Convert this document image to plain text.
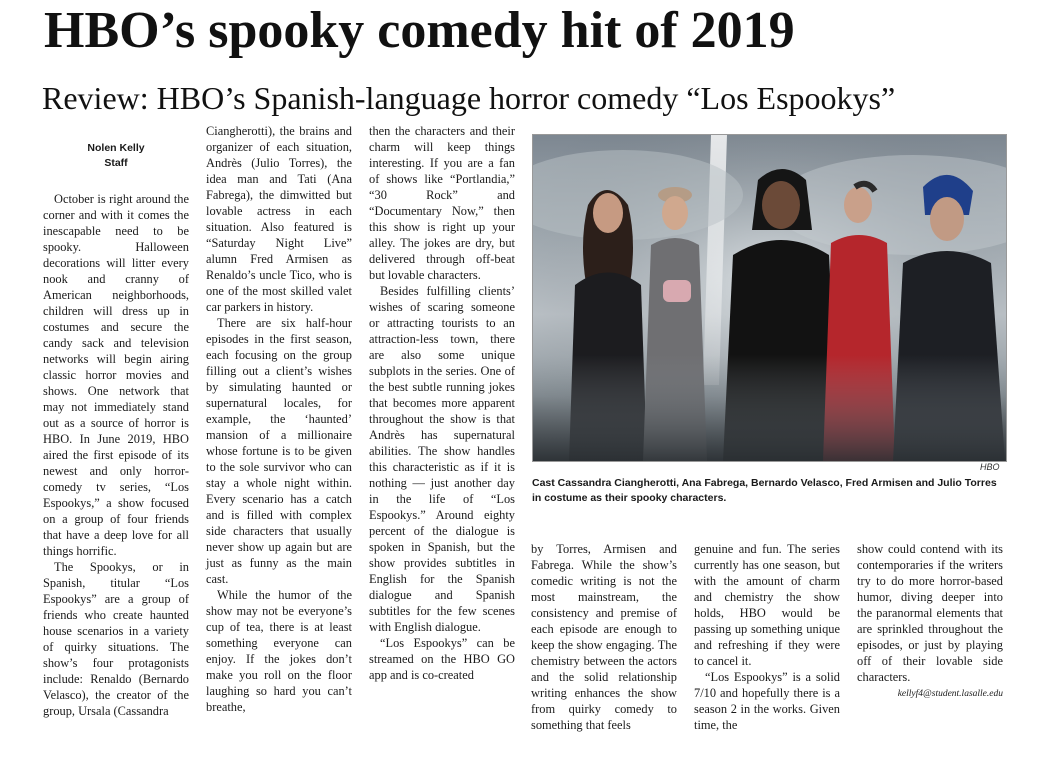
HBO’s spooky comedy hit of 2019
Review: HBO’s Spanish-language horror comedy “Los Espookys”
Nolen Kelly
Staff

October is right around the corner and with it comes the inescapable need to be spooky. Halloween decorations will litter every nook and cranny of American neighborhoods, children will dress up in costumes and secure the candy sack and television networks will begin airing classic horror movies and shows. One network that may not immediately stand out as a source of horror is HBO. In June 2019, HBO aired the first episode of its newest and only horror-comedy tv series, “Los Espookys,” a show focused on a group of four friends that have a deep love for all things horrific.

The Spookys, or in Spanish, titular “Los Espookys” are a group of friends who create haunted house scenarios in a variety of quirky situations. The show’s four protagonists include: Renaldo (Bernardo Velasco), the creator of the group, Ursala (Cassandra

Ciangherotti), the brains and organizer of each situation, Andrès (Julio Torres), the idea man and Tati (Ana Fabrega), the dimwitted but lovable actress in each situation. Also featured is “Saturday Night Live” alumn Fred Armisen as Renaldo’s uncle Tico, who is one of the most skilled valet car parkers in history.

There are six half-hour episodes in the first season, each focusing on the group filling out a client’s wishes by simulating haunted or supernatural locales, for example, the ‘haunted’ mansion of a millionaire whose fortune is to be given to the sole survivor who can stay a whole night within. Every scenario has a catch and is filled with complex side characters that usually never show up again but are just as funny as the main cast.

While the humor of the show may not be everyone’s cup of tea, there is at least something everyone can enjoy. If the jokes don’t make you roll on the floor laughing so hard you can’t breathe,

then the characters and their charm will keep things interesting. If you are a fan of shows like “Portlandia,” “30 Rock” and “Documentary Now,” then this show is right up your alley. The jokes are dry, but delivered through off-beat but lovable characters.

Besides fulfilling clients’ wishes of scaring someone or attracting tourists to an attraction-less town, there are also some unique subplots in the series. One of the best subtle running jokes that becomes more apparent throughout the show is that Andrès has supernatural abilities. The show handles this characteristic as if it is nothing — just another day in the life of “Los Espookys.” Around eighty percent of the dialogue is spoken in Spanish, but the show provides subtitles in English for the Spanish dialogue and Spanish subtitles for the few scenes with English dialogue.

“Los Espookys” can be streamed on the HBO GO app and is co-created

HBO
Cast Cassandra Ciangherotti, Ana Fabrega, Bernardo Velasco, Fred Armisen and Julio Torres in costume as their spooky characters.

by Torres, Armisen and Fabrega. While the show’s comedic writing is not the most mainstream, the consistency and premise of each episode are enough to keep the show engaging. The chemistry between the actors and the solid relationship writing enhances the show from quirky comedy to something that feels

genuine and fun. The series currently has one season, but with the amount of charm and chemistry the show holds, HBO would be passing up something unique and refreshing if they were to cancel it.

“Los Espookys” is a solid 7/10 and hopefully there is a season 2 in the works. Given time, the

show could contend with its contemporaries if the writers try to do more horror-based humor, diving deeper into the paranormal elements that are sprinkled throughout the episodes, or just by playing off of their lovable side characters.

kellyf4@student.lasalle.edu
